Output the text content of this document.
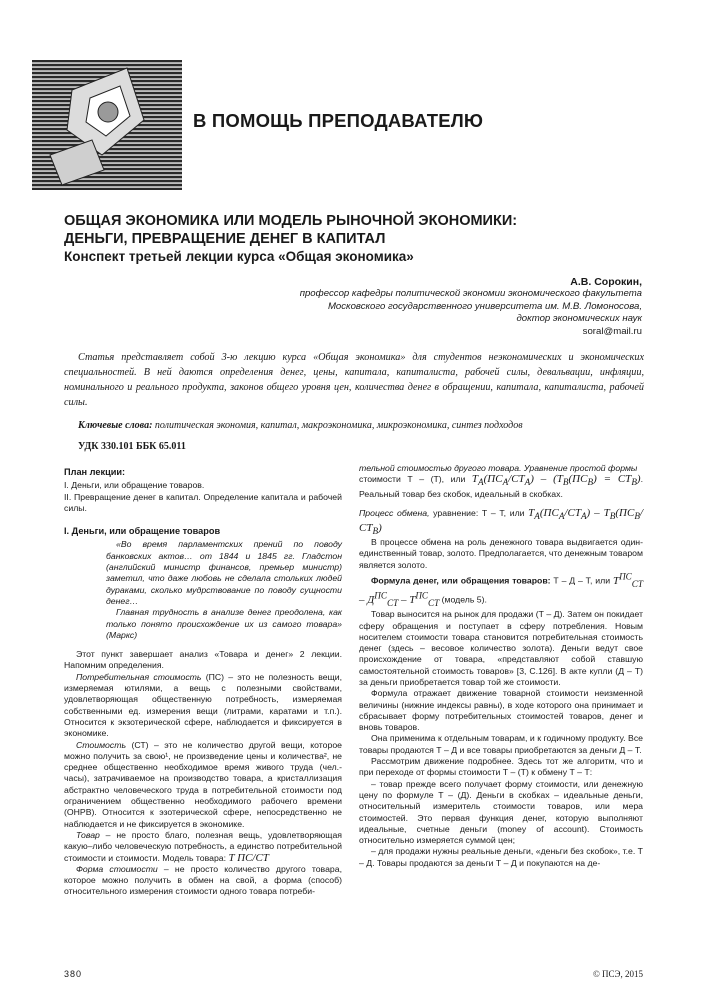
В ПОМОЩЬ ПРЕПОДАВАТЕЛЮ
ОБЩАЯ ЭКОНОМИКА ИЛИ МОДЕЛЬ РЫНОЧНОЙ ЭКОНОМИКИ:
ДЕНЬГИ, ПРЕВРАЩЕНИЕ ДЕНЕГ В КАПИТАЛ
Конспект третьей лекции курса «Общая экономика»
А.В. Сорокин,
профессор кафедры политической экономии экономического факультета
Московского государственного университета им. М.В. Ломоносова,
доктор экономических наук
soral@mail.ru
Статья представляет собой 3-ю лекцию курса «Общая экономика» для студентов неэкономических и экономических специальностей. В ней даются определения денег, цены, капитала, капиталиста, рабочей силы, девальвации, инфляции, номинального и реального продукта, законов общего уровня цен, количества денег в обращении, капитала, капиталиста, рабочей силы.
Ключевые слова: политическая экономия, капитал, макроэкономика, микроэкономика, синтез подходов
УДК 330.101 ББК 65.011
План лекции:

I. Деньги, или обращение товаров.

II. Превращение денег в капитал. Определение капитала и рабочей силы.

I. Деньги, или обращение товаров

«Во время парламентских прений по поводу банковских актов… от 1844 и 1845 гг. Гладстон (английский министр финансов, премьер министр) заметил, что даже любовь не сделала стольких людей дураками, сколько мудрствование по поводу сущности денег…

Главная трудность в анализе денег преодолена, как только понято происхождение их из самого товара» (Маркс)

Этот пункт завершает анализ «Товара и денег» 2 лекции. Напомним определения.

Потребительная стоимость (ПС) – это не полезность вещи, измеряемая ютилями, а вещь с полезными свойствами, удовлетворяющая общественную потребность, измеряемая собственными ед. измерения вещи (литрами, каратами и т.п.). Относится к экзотерической сфере, наблюдается и фиксируется в экономике.

Стоимость (СТ) – это не количество другой вещи, которое можно получить за свою¹, не произведение цены и количества², не среднее общественно необходимое время живого труда (чел.-часы), затрачиваемое на производство товара, а кристаллизация абстрактно человеческого труда в потребительной стоимости под ограничением общественно необходимого рабочего времени (ОНРВ). Относится к эзотерической сфере, непосредственно не наблюдается и не фиксируется в экономике.

Товар – не просто благо, полезная вещь, удовлетворяющая какую–либо человеческую потребность, а единство потребительной стоимости и стоимости. Модель товара: T ПС/СТ

Форма стоимости – не просто количество другого товара, которое можно получить в обмен на свой, а форма (способ) относительного измерения стоимости одного товара потреби-

тельной стоимостью другого товара. Уравнение простой формы

стоимости Т – (Т), или $T_A(ПС_A/СТ_A) - (T_B(ПС_B) = СТ_B)$. Реальный товар без скобок, идеальный в скобках.

Процесс обмена, уравнение: Т – Т, или $T_A(ПС_A/СТ_A) - T_B(ПС_B/СТ_B)$

В процессе обмена на роль денежного товара выдвигается один-единственный товар, золото. Предполагается, что денежным товаром является золото.

Формула денег, или обращения товаров: Т – Д – Т, или $T^{ПС}_{СТ} - Д^{ПС}_{СТ} - T^{ПС}_{СТ}$ (модель 5).

Товар выносится на рынок для продажи (Т – Д). Затем он покидает сферу обращения и поступает в сферу потребления. Новым носителем стоимости товара становится потребительная стоимость денег (здесь – весовое количество золота). Деньги ведут свое происхождение от товара, «представляют собой ставшую самостоятельной стоимость товаров» [3, С.126]. В акте купли (Д – Т) за деньги приобретается товар той же стоимости.

Формула отражает движение товарной стоимости неизменной величины (нижние индексы равны), в ходе которого она принимает и сбрасывает форму потребительных стоимостей товаров, денег и вновь товаров.

Она применима к отдельным товарам, и к годичному продукту. Все товары продаются Т – Д и все товары приобретаются за деньги Д – Т.

Рассмотрим движение подробнее. Здесь тот же алгоритм, что и при переходе от формы стоимости Т – (Т) к обмену Т – Т:

– товар прежде всего получает форму стоимости, или денежную цену по формуле Т – (Д). Деньги в скобках – идеальные деньги, относительный измеритель стоимости товаров, или мера стоимостей. Это первая функция денег, которую выполняют идеальные, счетные деньги (money of account). Стоимость относительно измеряется суммой цен;

– для продажи нужны реальные деньги, «деньги без скобок», т.е. Т – Д. Товары продаются за деньги Т – Д и покупаются на де-

380	© ПСЭ, 2015
